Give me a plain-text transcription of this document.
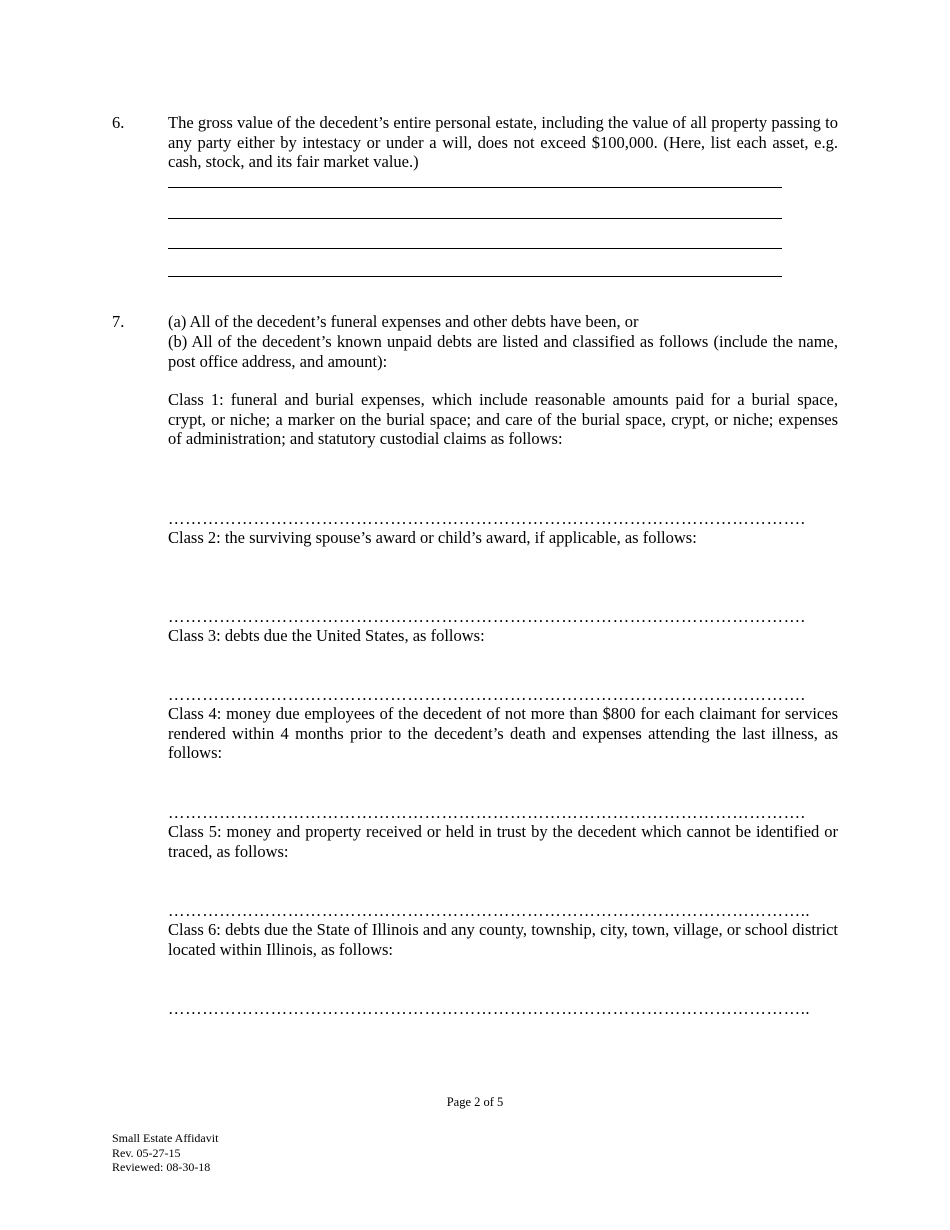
6.	The gross value of the decedent’s entire personal estate, including the value of all property passing to any party either by intestacy or under a will, does not exceed $100,000. (Here, list each asset, e.g. cash, stock, and its fair market value.)
7.	(a) All of the decedent’s funeral expenses and other debts have been, or
(b) All of the decedent’s known unpaid debts are listed and classified as follows (include the name, post office address, and amount):
Class 1: funeral and burial expenses, which include reasonable amounts paid for a burial space, crypt, or niche; a marker on the burial space; and care of the burial space, crypt, or niche; expenses of administration; and statutory custodial claims as follows:
………………………………………………………………………………………………….
Class 2: the surviving spouse’s award or child’s award, if applicable, as follows:
………………………………………………………………………………………………….
Class 3: debts due the United States, as follows:
………………………………………………………………………………………………….
Class 4: money due employees of the decedent of not more than $800 for each claimant for services rendered within 4 months prior to the decedent’s death and expenses attending the last illness, as follows:
………………………………………………………………………………………………….
Class 5: money and property received or held in trust by the decedent which cannot be identified or traced, as follows:
…………………………………………………………………………………………………..
Class 6: debts due the State of Illinois and any county, township, city, town, village, or school district located within Illinois, as follows:
…………………………………………………………………………………………………..
Page 2 of 5
Small Estate Affidavit
Rev. 05-27-15
Reviewed: 08-30-18
